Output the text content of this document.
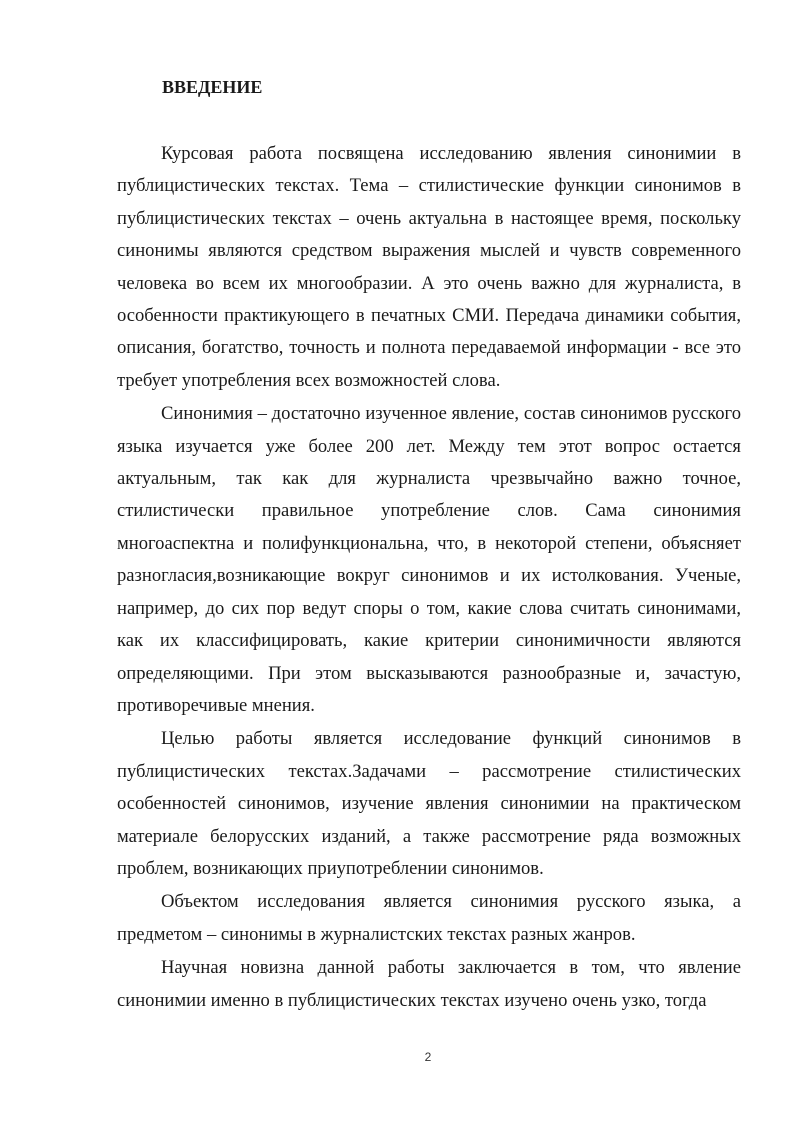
ВВЕДЕНИЕ

Курсовая работа посвящена исследованию явления синонимии в публицистических текстах. Тема – стилистические функции синонимов в публицистических текстах – очень актуальна в настоящее время, поскольку синонимы являются средством выражения мыслей и чувств современного человека во всем их многообразии. А это очень важно для журналиста, в особенности практикующего в печатных СМИ. Передача динамики события, описания, богатство, точность и полнота передаваемой информации - все это требует употребления всех возможностей слова.

Синонимия – достаточно изученное явление, состав синонимов русского языка изучается уже более 200 лет. Между тем этот вопрос остается актуальным, так как для журналиста чрезвычайно важно точное, стилистически правильное употребление слов. Сама синонимия многоаспектна и полифункциональна, что, в некоторой степени, объясняет разногласия,возникающие вокруг синонимов и их истолкования. Ученые, например, до сих пор ведут споры о том, какие слова считать синонимами, как их классифицировать, какие критерии синонимичности являются определяющими. При этом высказываются разнообразные и, зачастую, противоречивые мнения.

Целью работы является исследование функций синонимов в публицистических текстах.Задачами – рассмотрение стилистических особенностей синонимов, изучение явления синонимии на практическом материале белорусских изданий, а также рассмотрение ряда возможных проблем, возникающих приупотреблении синонимов.

Объектом исследования является синонимия русского языка, а предметом – синонимы в журналистских текстах разных жанров.

Научная новизна данной работы заключается в том, что явление синонимии именно в публицистических текстах изучено очень узко, тогда

2
